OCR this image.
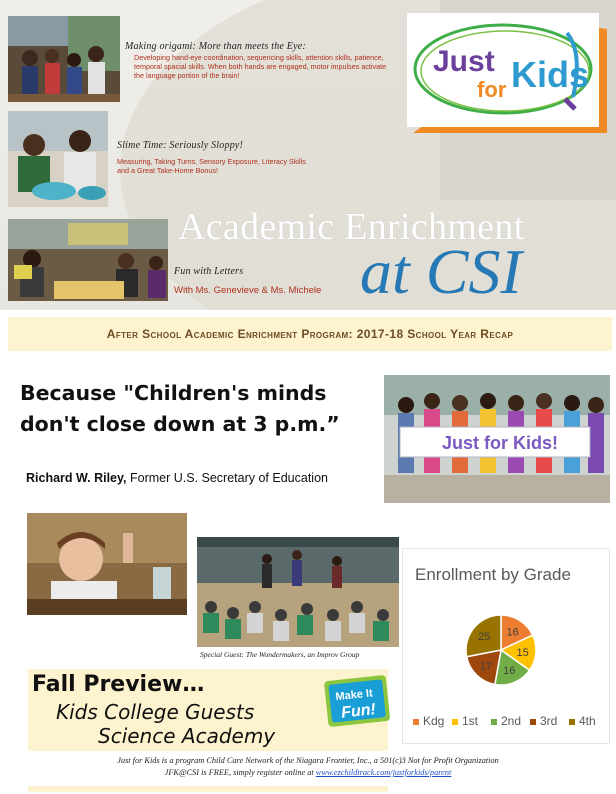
Making origami: More than meets the Eye:
Developing hand-eye coordination, sequencing skills, attention skills, patience, temporal spacial skills. When both hands are engaged, motor impulses activate the language portion of the brain!
Slime Time: Seriously Sloppy!
Measuring, Taking Turns, Sensory Exposure, Literacy Skills and a Great Take-Home Bonus!
Fun with Letters
With Ms. Genevieve & Ms. Michele
Just
for Kids
Academic Enrichment
at CSI
After School Academic Enrichment Program: 2017-18 School Year Recap
Because "Children's minds don't close down at 3 p.m.”
Richard W. Riley, Former U.S. Secretary of Education
Just for Kids!
Special Guest: The Wondermakers, an Improv Group
Enrollment by Grade
16
15
16
17
25
Kdg 1st 2nd 3rd 4th
Fall Preview…
Kids College Guests
Science Academy
Make It
Fun!
Just for Kids is a program Child Care Network of the Niagara Frontier, Inc., a 501(c)3 Not for Profit Organization
JFK@CSI is FREE, simply register online at www.ezchildtrack.com/justforkids/parent
